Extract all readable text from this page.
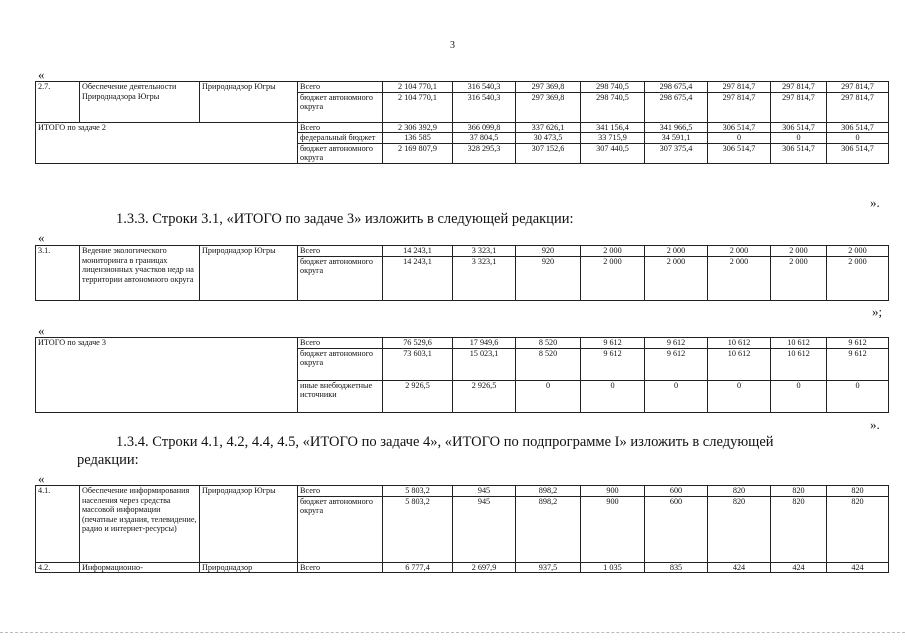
3
«
2.7.	Обеспечение деятельности Природнадзора Югры	Природнадзор Югры	Всего	2 104 770,1	316 540,3	297 369,8	298 740,5	298 675,4	297 814,7	297 814,7	297 814,7
			бюджет автономного округа	2 104 770,1	316 540,3	297 369,8	298 740,5	298 675,4	297 814,7	297 814,7	297 814,7
ИТОГО по задаче 2			Всего	2 306 392,9	366 099,8	337 626,1	341 156,4	341 966,5	306 514,7	306 514,7	306 514,7
			федеральный бюджет	136 585	37 804,5	30 473,5	33 715,9	34 591,1	0	0	0
			бюджет автономного округа	2 169 807,9	328 295,3	307 152,6	307 440,5	307 375,4	306 514,7	306 514,7	306 514,7
».
1.3.3. Строки 3.1, «ИТОГО по задаче 3» изложить в следующей редакции:
«
3.1.	Ведение экологического мониторинга в границах лицензионных участков недр на территории автономного округа	Природнадзор Югры	Всего	14 243,1	3 323,1	920	2 000	2 000	2 000	2 000	2 000
			бюджет автономного округа	14 243,1	3 323,1	920	2 000	2 000	2 000	2 000	2 000
»;
«
ИТОГО по задаче 3	Всего	76 529,6	17 949,6	8 520	9 612	9 612	10 612	10 612	9 612
	бюджет автономного округа	73 603,1	15 023,1	8 520	9 612	9 612	10 612	10 612	9 612
	иные внебюджетные источники	2 926,5	2 926,5	0	0	0	0	0	0
».
1.3.4. Строки 4.1, 4.2, 4.4, 4.5, «ИТОГО по задаче 4», «ИТОГО по подпрограмме I» изложить в следующей
редакции:
«
4.1.	Обеспечение информирования населения через средства массовой информации (печатные издания, телевидение, радио и интернет-ресурсы)	Природнадзор Югры	Всего	5 803,2	945	898,2	900	600	820	820	820
			бюджет автономного округа	5 803,2	945	898,2	900	600	820	820	820
4.2.	Информационно-	Природнадзор	Всего	6 777,4	2 697,9	937,5	1 035	835	424	424	424
